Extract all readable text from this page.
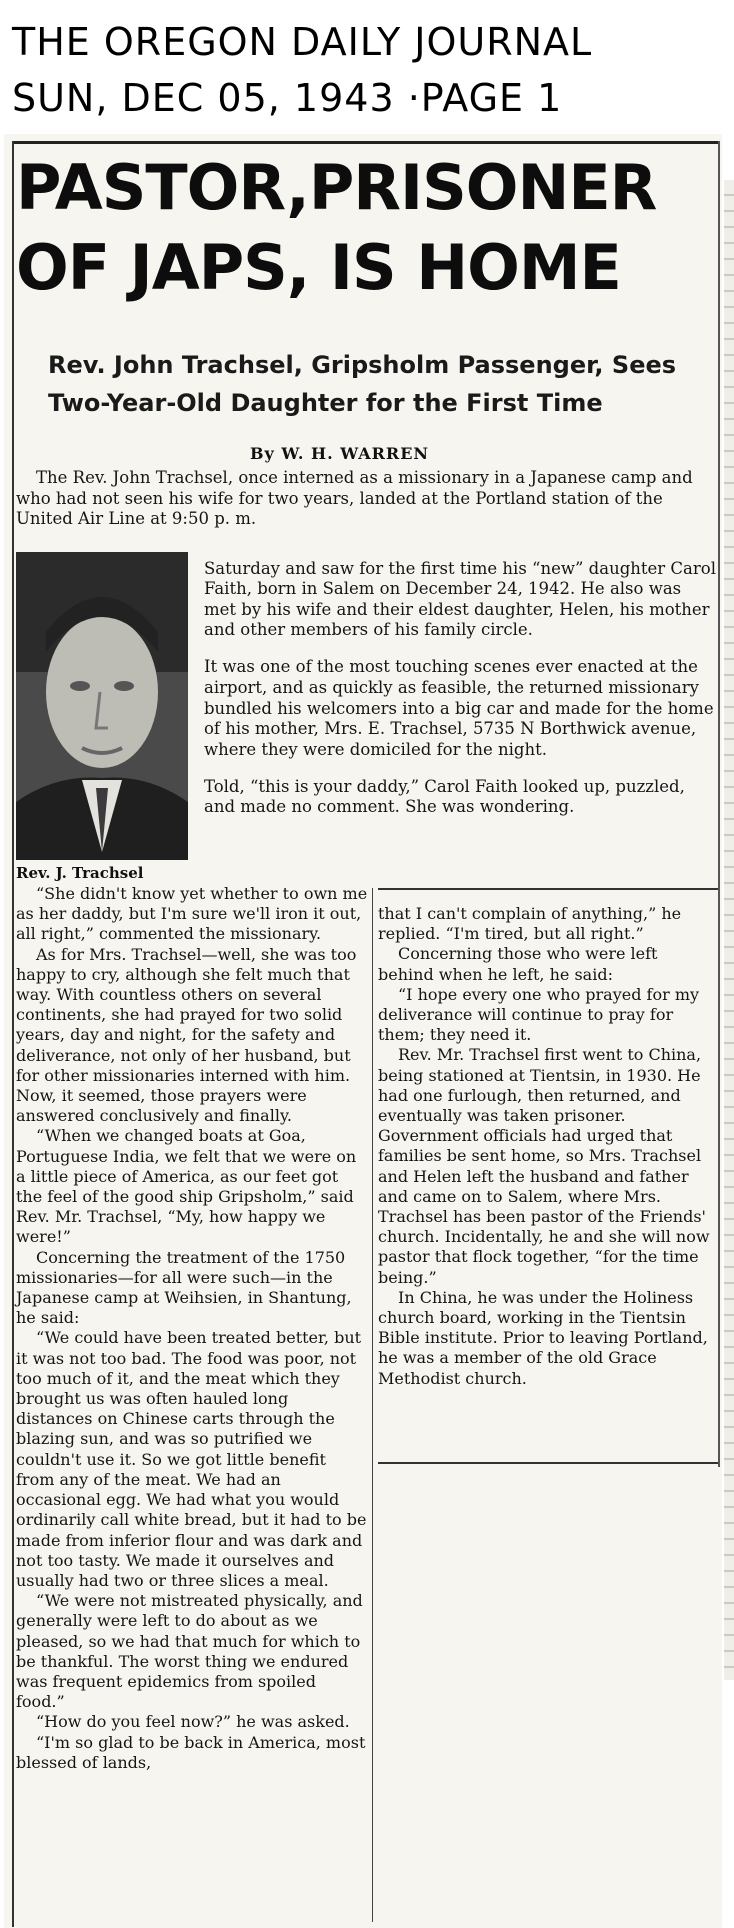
THE OREGON DAILY JOURNAL
SUN, DEC 05, 1943 ·PAGE 1
PASTOR,PRISONER
OF JAPS, IS HOME
Rev. John Trachsel, Gripsholm Passenger, Sees
Two-Year-Old Daughter for the First Time
By W. H. WARREN

The Rev. John Trachsel, once interned as a missionary in a Japanese camp and who had not seen his wife for two years, landed at the Portland station of the United Air Line at 9:50 p. m.

Rev. J. Trachsel

Saturday and saw for the first time his “new” daughter Carol Faith, born in Salem on December 24, 1942. He also was met by his wife and their eldest daughter, Helen, his mother and other members of his family circle.

It was one of the most touching scenes ever enacted at the airport, and as quickly as feasible, the returned missionary bundled his welcomers into a big car and made for the home of his mother, Mrs. E. Trachsel, 5735 N Borthwick avenue, where they were domiciled for the night.

Told, “this is your daddy,” Carol Faith looked up, puzzled, and made no comment. She was wondering.

“She didn't know yet whether to own me as her daddy, but I'm sure we'll iron it out, all right,” commented the missionary.

As for Mrs. Trachsel—well, she was too happy to cry, although she felt much that way. With countless others on several continents, she had prayed for two solid years, day and night, for the safety and deliverance, not only of her husband, but for other missionaries interned with him. Now, it seemed, those prayers were answered conclusively and finally.

“When we changed boats at Goa, Portuguese India, we felt that we were on a little piece of America, as our feet got the feel of the good ship Gripsholm,” said Rev. Mr. Trachsel, “My, how happy we were!”

Concerning the treatment of the 1750 missionaries—for all were such—in the Japanese camp at Weihsien, in Shantung, he said:

“We could have been treated better, but it was not too bad. The food was poor, not too much of it, and the meat which they brought us was often hauled long distances on Chinese carts through the blazing sun, and was so putrified we couldn't use it. So we got little benefit from any of the meat. We had an occasional egg. We had what you would ordinarily call white bread, but it had to be made from inferior flour and was dark and not too tasty. We made it ourselves and usually had two or three slices a meal.

“We were not mistreated physically, and generally were left to do about as we pleased, so we had that much for which to be thankful. The worst thing we endured was frequent epidemics from spoiled food.”

“How do you feel now?” he was asked.

“I'm so glad to be back in America, most blessed of lands,

that I can't complain of anything,” he replied. “I'm tired, but all right.”

Concerning those who were left behind when he left, he said:

“I hope every one who prayed for my deliverance will continue to pray for them; they need it.

Rev. Mr. Trachsel first went to China, being stationed at Tientsin, in 1930. He had one furlough, then returned, and eventually was taken prisoner. Government officials had urged that families be sent home, so Mrs. Trachsel and Helen left the husband and father and came on to Salem, where Mrs. Trachsel has been pastor of the Friends' church. Incidentally, he and she will now pastor that flock together, “for the time being.”

In China, he was under the Holiness church board, working in the Tientsin Bible institute. Prior to leaving Portland, he was a member of the old Grace Methodist church.
